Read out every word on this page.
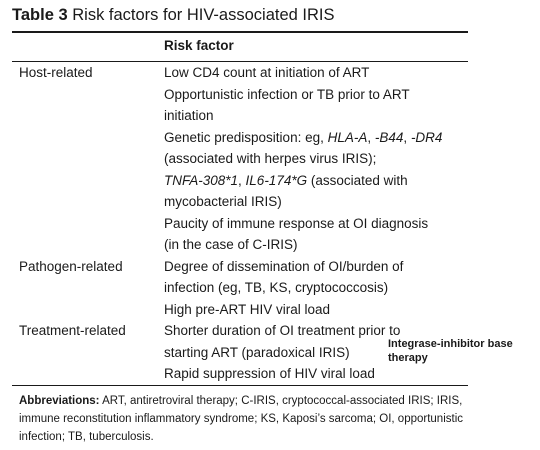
Table 3 Risk factors for HIV-associated IRIS
Risk factor
Host-related	Low CD4 count at initiation of ART
Opportunistic infection or TB prior to ART
initiation
Genetic predisposition: eg, HLA-A, -B44, -DR4
(associated with herpes virus IRIS);
TNFA-308*1, IL6-174*G (associated with
mycobacterial IRIS)
Paucity of immune response at OI diagnosis
(in the case of C-IRIS)
Pathogen-related	Degree of dissemination of OI/burden of
infection (eg, TB, KS, cryptococcosis)
High pre-ART HIV viral load
Treatment-related	Shorter duration of OI treatment prior to
starting ART (paradoxical IRIS)
Rapid suppression of HIV viral load
Integrase-inhibitor base therapy
Abbreviations: ART, antiretroviral therapy; C-IRIS, cryptococcal-associated IRIS; IRIS, immune reconstitution inflammatory syndrome; KS, Kaposi’s sarcoma; OI, opportunistic infection; TB, tuberculosis.
